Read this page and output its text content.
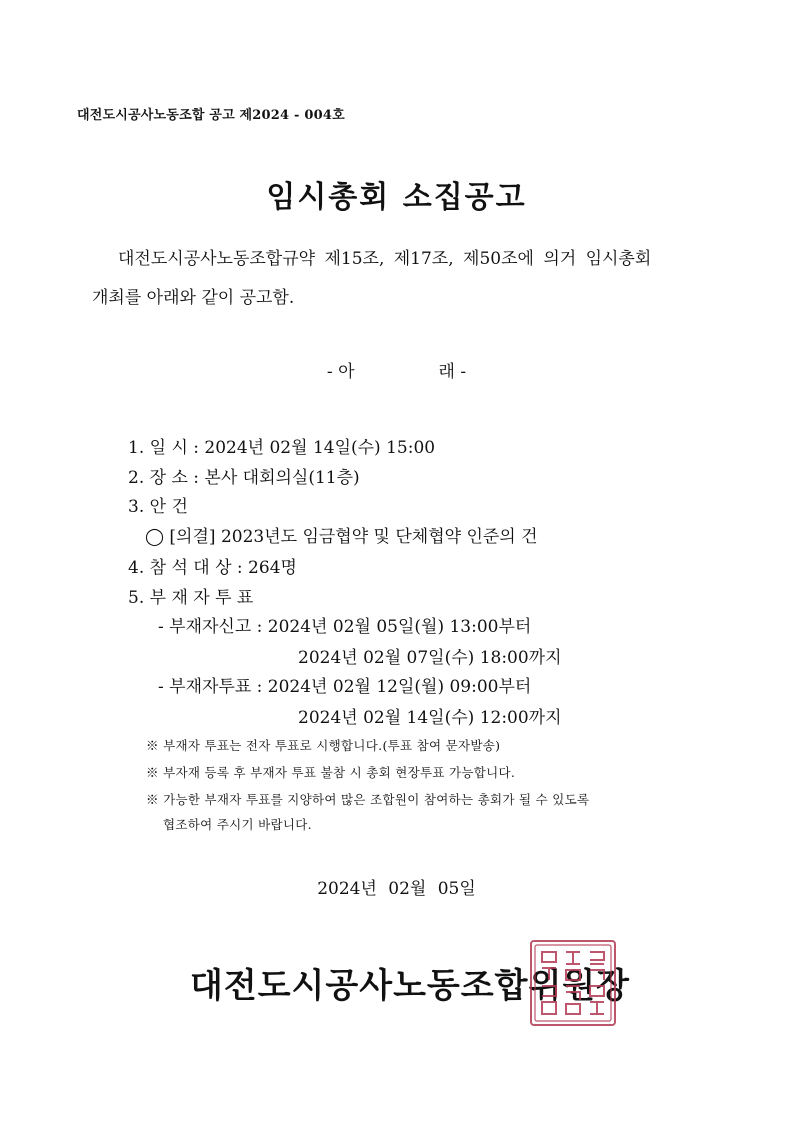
대전도시공사노동조합 공고 제2024 - 004호
임시총회 소집공고
대전도시공사노동조합규약 제15조, 제17조, 제50조에 의거 임시총회
개최를 아래와 같이 공고함.
- 아	래 -
1. 일 시 : 2024년 02월 14일(수) 15:00
2. 장 소 : 본사 대회의실(11층)
3. 안 건
◯ [의결] 2023년도 임금협약 및 단체협약 인준의 건
4. 참 석 대 상 : 264명
5. 부 재 자 투 표
- 부재자신고 : 2024년 02월 05일(월) 13:00부터
2024년 02월 07일(수) 18:00까지
- 부재자투표 : 2024년 02월 12일(월) 09:00부터
2024년 02월 14일(수) 12:00까지
※ 부재자 투표는 전자 투표로 시행합니다.(투표 참여 문자발송)
※ 부자재 등록 후 부재자 투표 불참 시 총회 현장투표 가능합니다.
※ 가능한 부재자 투표를 지양하여 많은 조합원이 참여하는 총회가 될 수 있도록
협조하여 주시기 바랍니다.
2024년 02월 05일
대전도시공사노동조합위원장
